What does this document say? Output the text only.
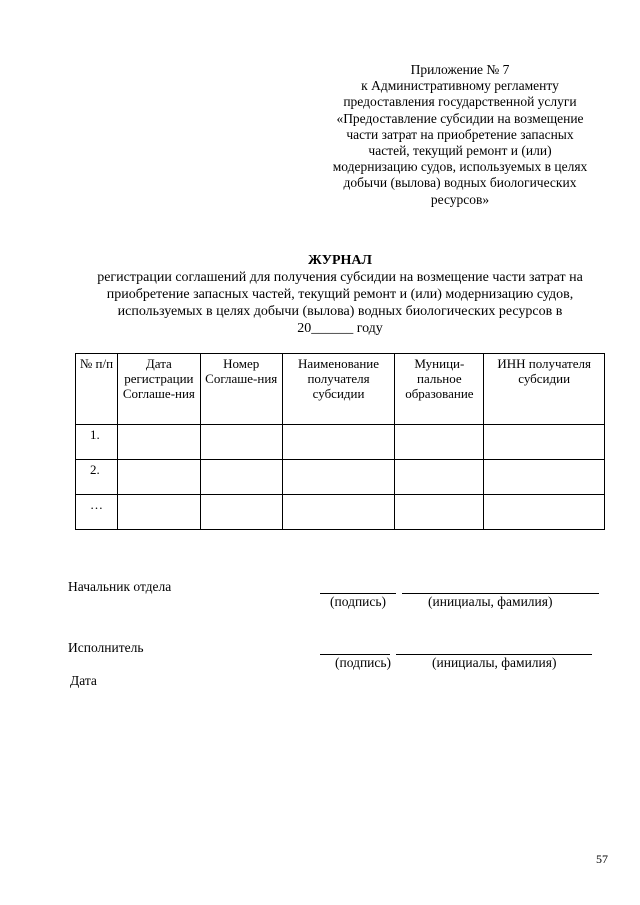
Приложение № 7
к Административному регламенту
предоставления государственной услуги
«Предоставление субсидии на возмещение
части затрат на приобретение запасных
частей, текущий ремонт и (или)
модернизацию судов, используемых в целях
добычи (вылова) водных биологических
ресурсов»
ЖУРНАЛ
регистрации соглашений для получения субсидии на возмещение части затрат на
приобретение запасных частей, текущий ремонт и (или) модернизацию судов,
используемых в целях добычи (вылова) водных биологических ресурсов в
20______ году
№ п/п	Дата регистрации Соглаше-ния	Номер Соглаше-ния	Наименование получателя субсидии	Муници-пальное образование	ИНН получателя субсидии
1.					
2.					
…					
Начальник отдела
(подпись)	(инициалы, фамилия)
Исполнитель
(подпись)	(инициалы, фамилия)
Дата
57
